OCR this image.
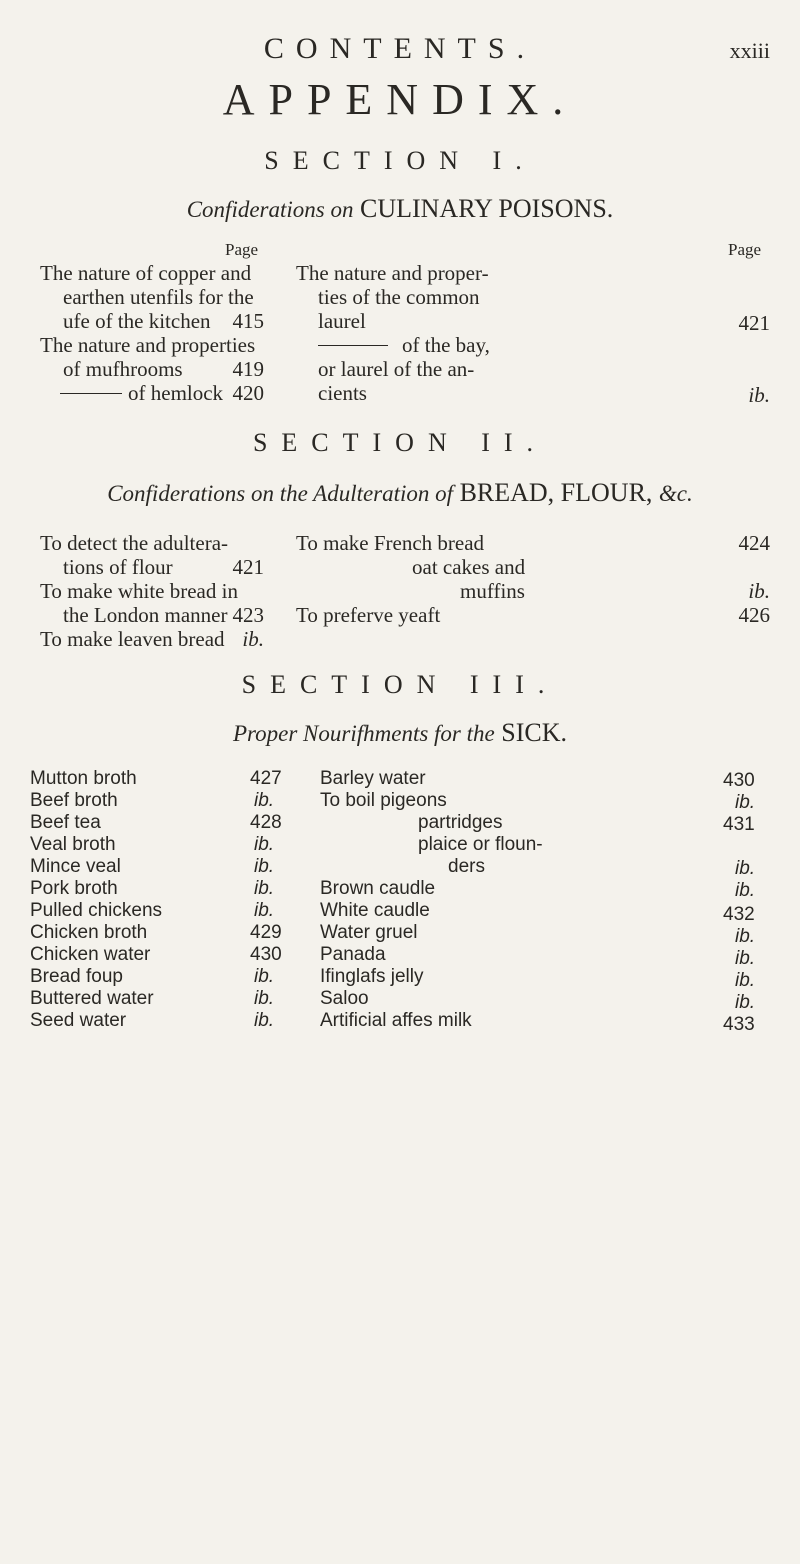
CONTENTS.	xxiii
APPENDIX.
SECTION I.
Confiderations on CULINARY POISONS.
Page	Page
The nature of copper and
earthen utenfils for the
ufe of the kitchen	415
The nature and properties
of mufhrooms	419
of hemlock 420
The nature and proper-
ties of the common
laurel	421
of the bay,
or laurel of the an-
cients	ib.
SECTION II.
Confiderations on the Adulteration of BREAD, FLOUR, &c.
To detect the adultera-
tions of flour	421
To make white bread in
the London manner 423
To make leaven bread ib.
To make French bread	424
oat cakes and
muffins	ib.
To preferve yeaft	426
SECTION III.
Proper Nourifhments for the SICK.
Mutton broth	427
Beef broth	ib.
Beef tea	428
Veal broth	ib.
Mince veal	ib.
Pork broth	ib.
Pulled chickens	ib.
Chicken broth	429
Chicken water	430
Bread foup	ib.
Buttered water	ib.
Seed water	ib.
Barley water	430
To boil pigeons	ib.
partridges	431
plaice or floun-
ders	ib.
Brown caudle	ib.
White caudle	432
Water gruel	ib.
Panada	ib.
Ifinglafs jelly	ib.
Saloo	ib.
Artificial affes milk	433
